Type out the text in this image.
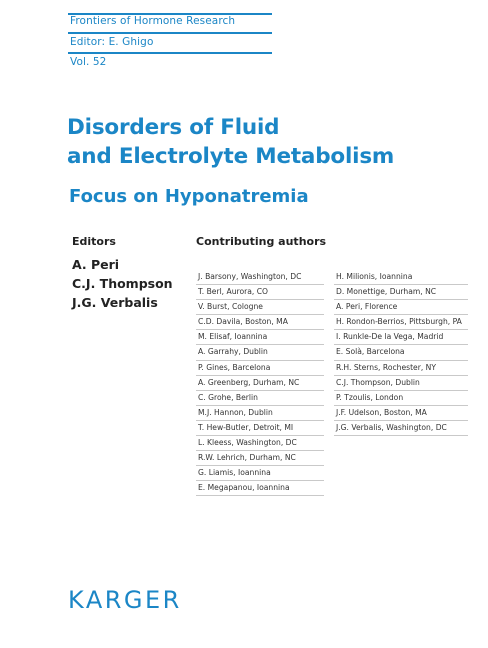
Frontiers of Hormone Research
Editor: E. Ghigo
Vol. 52
Disorders of Fluid
and Electrolyte Metabolism
Focus on Hyponatremia
Editors
A. Peri
C.J. Thompson
J.G. Verbalis
Contributing authors
J. Barsony, Washington, DC
T. Berl, Aurora, CO
V. Burst, Cologne
C.D. Davila, Boston, MA
M. Elisaf, Ioannina
A. Garrahy, Dublin
P. Gines, Barcelona
A. Greenberg, Durham, NC
C. Grohe, Berlin
M.J. Hannon, Dublin
T. Hew-Butler, Detroit, MI
L. Kleess, Washington, DC
R.W. Lehrich, Durham, NC
G. Liamis, Ioannina
E. Megapanou, Ioannina
H. Milionis, Ioannina
D. Monettige, Durham, NC
A. Peri, Florence
H. Rondon-Berrios, Pittsburgh, PA
I. Runkle-De la Vega, Madrid
E. Solà, Barcelona
R.H. Sterns, Rochester, NY
C.J. Thompson, Dublin
P. Tzoulis, London
J.F. Udelson, Boston, MA
J.G. Verbalis, Washington, DC
KARGER
